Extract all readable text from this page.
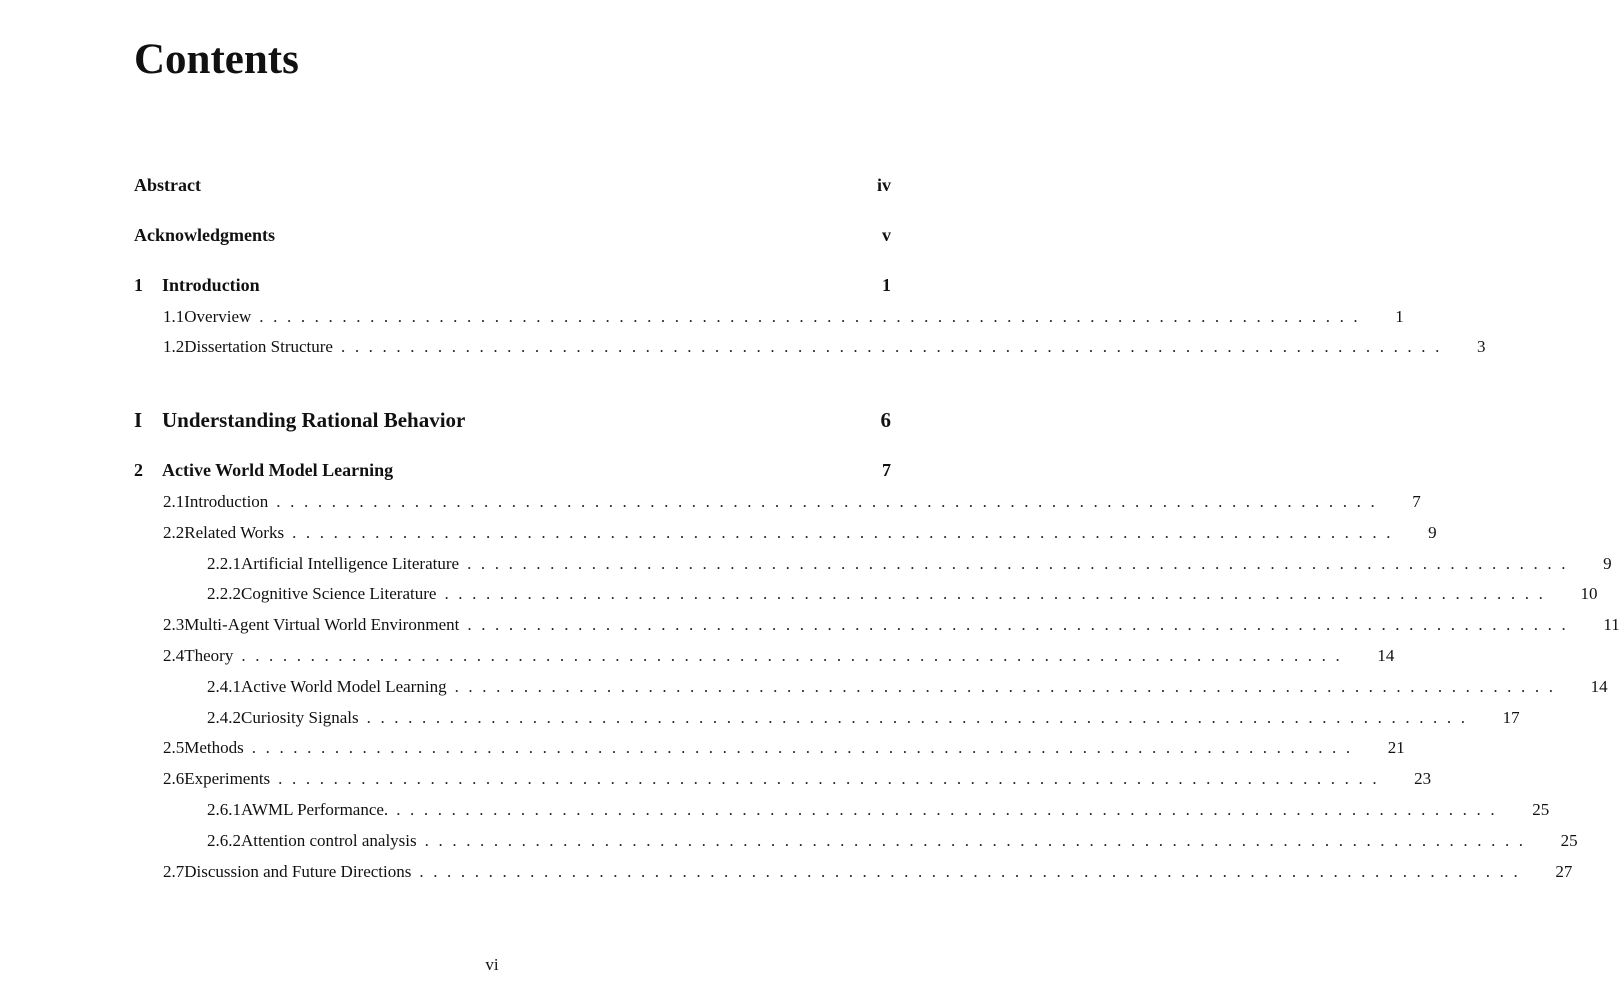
Contents
Abstract	iv
Acknowledgments	v
1	Introduction	1
1.1 Overview ................................................................................ 1
1.2 Dissertation Structure ................................................................................ 3
I Understanding Rational Behavior	6
2	Active World Model Learning	7
2.1 Introduction ................................................................................ 7
2.2 Related Works ................................................................................ 9
2.2.1 Artificial Intelligence Literature ................................................................................ 9
2.2.2 Cognitive Science Literature ................................................................................ 10
2.3 Multi-Agent Virtual World Environment ................................................................................ 11
2.4 Theory ................................................................................ 14
2.4.1 Active World Model Learning ................................................................................ 14
2.4.2 Curiosity Signals ................................................................................ 17
2.5 Methods ................................................................................ 21
2.6 Experiments ................................................................................ 23
2.6.1 AWML Performance. ................................................................................ 25
2.6.2 Attention control analysis ................................................................................ 25
2.7 Discussion and Future Directions ................................................................................ 27
vi
